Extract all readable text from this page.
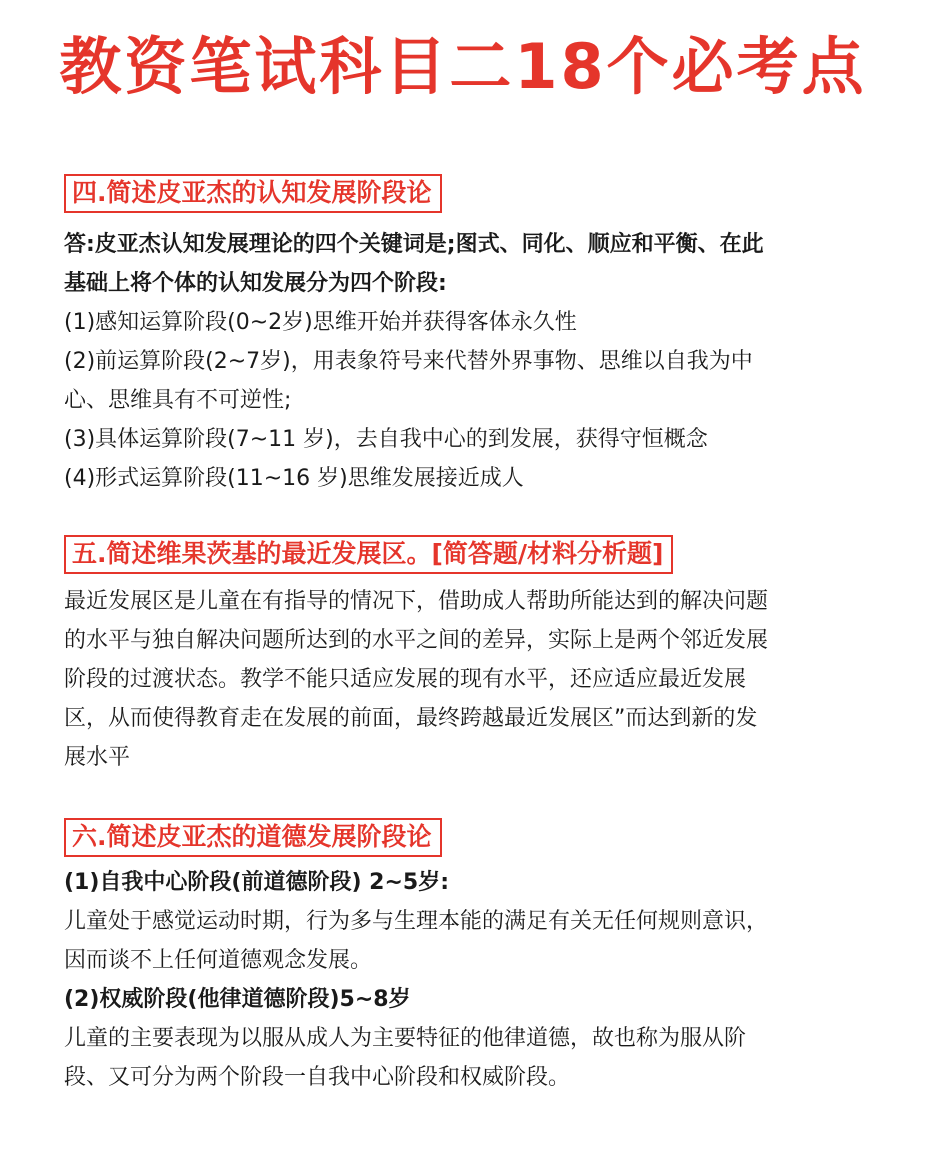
教资笔试科目二18个必考点
四.简述皮亚杰的认知发展阶段论

答:皮亚杰认知发展理论的四个关键词是;图式、同化、顺应和平衡、在此

基础上将个体的认知发展分为四个阶段:

(1)感知运算阶段(0~2岁)思维开始并获得客体永久性

(2)前运算阶段(2~7岁)，用表象符号来代替外界事物、思维以自我为中

心、思维具有不可逆性;

(3)具体运算阶段(7~11 岁)，去自我中心的到发展，获得守恒概念

(4)形式运算阶段(11~16 岁)思维发展接近成人

五.简述维果茨基的最近发展区。[简答题/材料分析题]

最近发展区是儿童在有指导的情况下，借助成人帮助所能达到的解决问题

的水平与独自解决问题所达到的水平之间的差异，实际上是两个邻近发展

阶段的过渡状态。教学不能只适应发展的现有水平，还应适应最近发展

区，从而使得教育走在发展的前面，最终跨越最近发展区”而达到新的发

展水平

六.简述皮亚杰的道德发展阶段论

(1)自我中心阶段(前道德阶段) 2~5岁:

儿童处于感觉运动时期，行为多与生理本能的满足有关无任何规则意识，

因而谈不上任何道德观念发展。

(2)权威阶段(他律道德阶段)5~8岁

儿童的主要表现为以服从成人为主要特征的他律道德，故也称为服从阶

段、又可分为两个阶段一自我中心阶段和权威阶段。
